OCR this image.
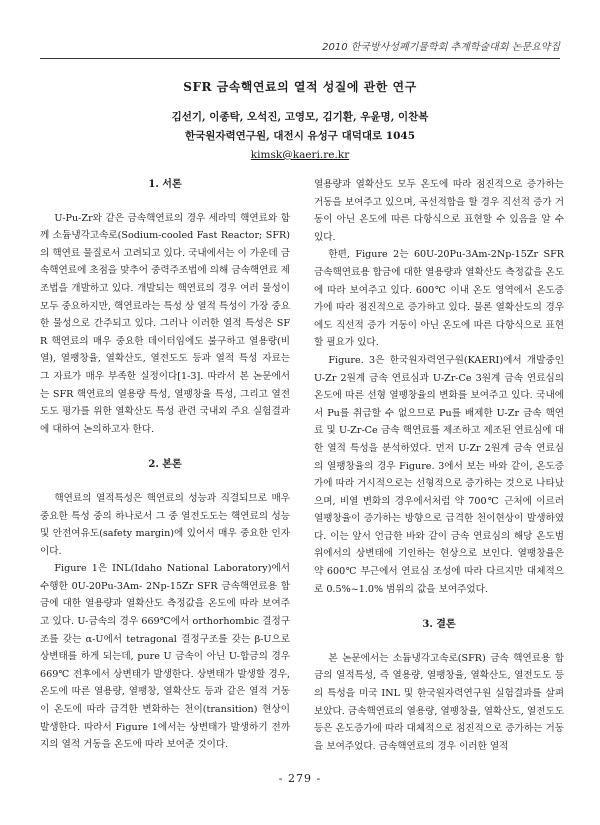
2010 한국방사성폐기물학회 추계학술대회 논문요약집
SFR 금속핵연료의 열적 성질에 관한 연구
김선기, 이종탁, 오석진, 고영모, 김기환, 우윤명, 이찬복
한국원자력연구원, 대전시 유성구 대덕대로 1045
kimsk@kaeri.re.kr
1. 서론

U-Pu-Zr와 같은 금속핵연료의 경우 세라믹 핵연료와 함께 소듐냉각고속로(Sodium-cooled Fast Reactor; SFR)의 핵연료 물질로서 고려되고 있다. 국내에서는 이 가운데 금속핵연료에 초점을 맞추어 중력주조법에 의해 금속핵연료 제조법을 개발하고 있다. 개발되는 핵연료의 경우 여러 물성이 모두 중요하지만, 핵연료라는 특성 상 열적 특성이 가장 중요한 물성으로 간주되고 있다. 그러나 이러한 열적 특성은 SFR 핵연료의 매우 중요한 데이터임에도 불구하고 열용량(비열), 열팽창율, 열확산도, 열전도도 등과 열적 특성 자료는 그 자료가 매우 부족한 실정이다[1-3]. 따라서 본 논문에서는 SFR 핵연료의 열용량 특성, 열팽창율 특성, 그리고 열전도도 평가를 위한 열확산도 특성 관련 국내외 주요 실험결과에 대하여 논의하고자 한다.

2. 본론

핵연료의 열적특성은 핵연료의 성능과 직결되므로 매우 중요한 특성 중의 하나로서 그 중 열전도도는 핵연료의 성능 및 안전여유도(safety margin)에 있어서 매우 중요한 인자이다.

Figure 1은 INL(Idaho National Laboratory)에서 수행한 0U-20Pu-3Am- 2Np-15Zr SFR 금속핵연료용 합금에 대한 열용량과 열확산도 측정값을 온도에 따라 보여주고 있다. U-금속의 경우 669℃에서 orthorhombic 결정구조를 갖는 α-U에서 tetragonal 결정구조를 갖는 β-U으로 상변태를 하게 되는데, pure U 금속이 아닌 U-합금의 경우 669℃ 전후에서 상변태가 발생한다. 상변태가 발생할 경우, 온도에 따른 열용량, 열팽창, 열확산도 등과 같은 열적 거동이 온도에 따라 급격한 변화하는 천이(transition) 현상이 발생한다. 따라서 Figure 1에서는 상변태가 발생하기 전까지의 열적 거동을 온도에 따라 보여준 것이다.

열용량과 열확산도 모두 온도에 따라 점진적으로 증가하는 거동을 보여주고 있으며, 곡선적합을 할 경우 직선적 증가 거동이 아닌 온도에 따른 다항식으로 표현할 수 있음을 알 수 있다.

한편, Figure 2는 60U-20Pu-3Am-2Np-15Zr SFR 금속핵연료용 합금에 대한 열용량과 열확산도 측정값을 온도에 따라 보여주고 있다. 600℃ 이내 온도 영역에서 온도증가에 따라 점진적으로 증가하고 있다. 물론 열확산도의 경우에도 직선적 증가 거동이 아닌 온도에 따른 다항식으로 표현할 필요가 있다.

Figure. 3은 한국원자력연구원(KAERI)에서 개발중인 U-Zr 2원계 금속 연료심과 U-Zr-Ce 3원계 금속 연료심의 온도에 따른 선형 열팽창율의 변화를 보여주고 있다. 국내에서 Pu를 취급할 수 없으므로 Pu를 배제한 U-Zr 금속 핵연료 및 U-Zr-Ce 금속 핵연료를 제조하고 제조된 연료심에 대한 열적 특성을 분석하였다. 먼저 U-Zr 2원계 금속 연료심의 열팽창율의 경우 Figure. 3에서 보는 바와 같이, 온도증가에 따라 거시적으로는 선형적으로 증가하는 것으로 나타났으며, 비열 변화의 경우에서처럼 약 700℃ 근처에 이르러 열팽창율이 증가하는 방향으로 급격한 천이현상이 발생하였다. 이는 앞서 언급한 바와 같이 금속 연료심의 해당 온도범위에서의 상변태에 기인하는 현상으로 보인다. 열팽창율은 약 600℃ 부근에서 연료심 조성에 따라 다르지만 대체적으로 0.5%~1.0% 범위의 값을 보여주었다.

3. 결론

본 논문에서는 소듐냉각고속로(SFR) 금속 핵연료용 합금의 열적특성, 즉 열용량, 열팽창율, 열확산도, 열전도도 등의 특성을 미국 INL 및 한국원자력연구원 실험결과를 살펴보았다. 금속핵연료의 열용량, 열팽창율, 열확산도, 열전도도 등은 온도증가에 따라 대체적으로 점진적으로 증가하는 거동을 보여주었다. 금속핵연료의 경우 이러한 열적

- 279 -
